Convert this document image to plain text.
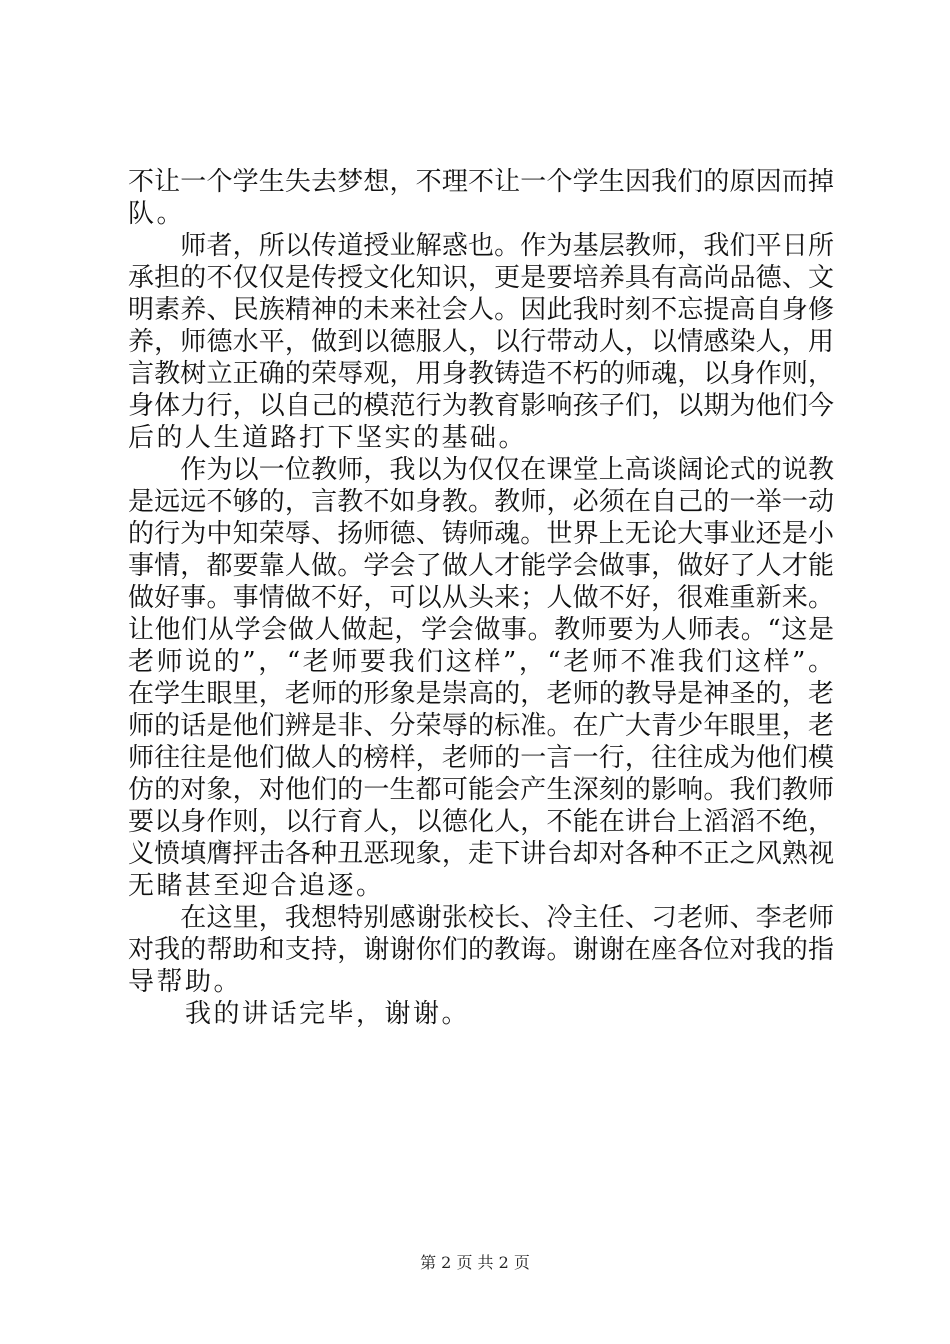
不让一个学生失去梦想，不理不让一个学生因我们的原因而掉
队。
　　师者，所以传道授业解惑也。作为基层教师，我们平日所
承担的不仅仅是传授文化知识，更是要培养具有高尚品德、文
明素养、民族精神的未来社会人。因此我时刻不忘提高自身修
养，师德水平，做到以德服人，以行带动人，以情感染人，用
言教树立正确的荣辱观，用身教铸造不朽的师魂，以身作则，
身体力行，以自己的模范行为教育影响孩子们，以期为他们今
后的人生道路打下坚实的基础。
　　作为以一位教师，我以为仅仅在课堂上高谈阔论式的说教
是远远不够的，言教不如身教。教师，必须在自己的一举一动
的行为中知荣辱、扬师德、铸师魂。世界上无论大事业还是小
事情，都要靠人做。学会了做人才能学会做事，做好了人才能
做好事。事情做不好，可以从头来；人做不好，很难重新来。
让他们从学会做人做起，学会做事。教师要为人师表。“这是
老师说的”，“老师要我们这样”，“老师不准我们这样”。
在学生眼里，老师的形象是崇高的，老师的教导是神圣的，老
师的话是他们辨是非、分荣辱的标准。在广大青少年眼里，老
师往往是他们做人的榜样，老师的一言一行，往往成为他们模
仿的对象，对他们的一生都可能会产生深刻的影响。我们教师
要以身作则，以行育人，以德化人，不能在讲台上滔滔不绝，
义愤填膺抨击各种丑恶现象，走下讲台却对各种不正之风熟视
无睹甚至迎合追逐。
　　在这里，我想特别感谢张校长、冷主任、刁老师、李老师
对我的帮助和支持，谢谢你们的教诲。谢谢在座各位对我的指
导帮助。
　　我的讲话完毕，谢谢。
第 2 页 共 2 页
